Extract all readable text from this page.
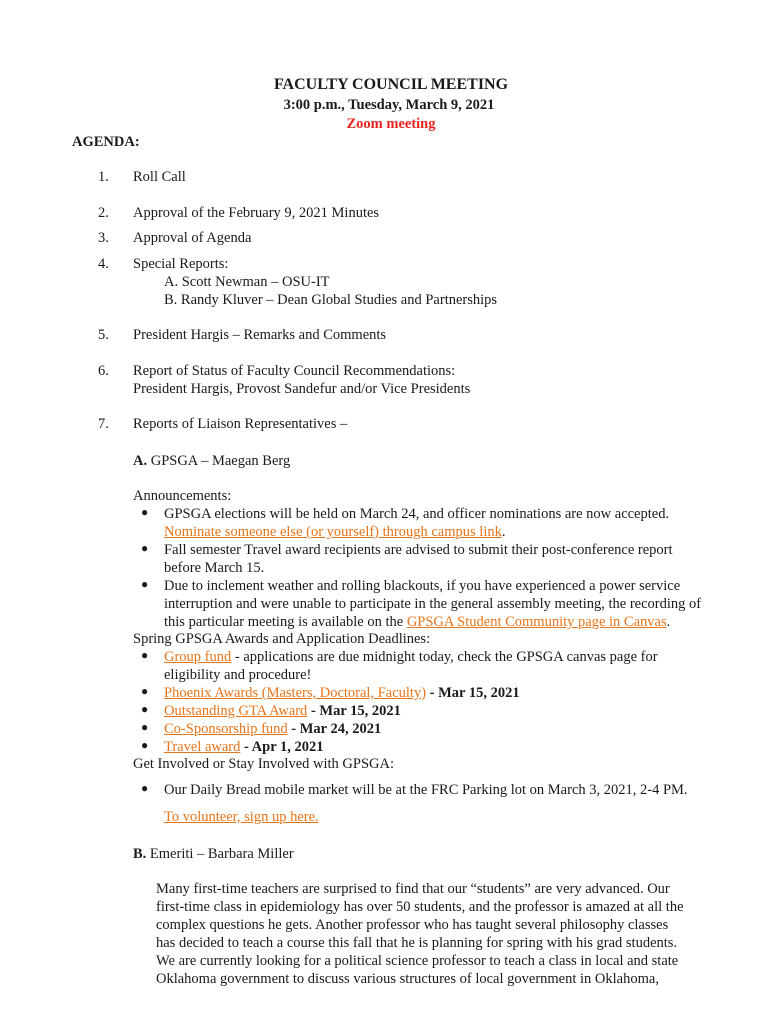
FACULTY COUNCIL MEETING
3:00 p.m., Tuesday, March 9, 2021
Zoom meeting
AGENDA:
1. Roll Call
2. Approval of the February 9, 2021 Minutes
3. Approval of Agenda
4. Special Reports:
A. Scott Newman – OSU-IT
B. Randy Kluver – Dean Global Studies and Partnerships
5. President Hargis – Remarks and Comments
6. Report of Status of Faculty Council Recommendations:
President Hargis, Provost Sandefur and/or Vice Presidents
7. Reports of Liaison Representatives –
A. GPSGA – Maegan Berg
Announcements:
● GPSGA elections will be held on March 24, and officer nominations are now accepted.
Nominate someone else (or yourself) through campus link.
● Fall semester Travel award recipients are advised to submit their post-conference report
before March 15.
● Due to inclement weather and rolling blackouts, if you have experienced a power service
interruption and were unable to participate in the general assembly meeting, the recording of
this particular meeting is available on the GPSGA Student Community page in Canvas.
Spring GPSGA Awards and Application Deadlines:
● Group fund - applications are due midnight today, check the GPSGA canvas page for
eligibility and procedure!
● Phoenix Awards (Masters, Doctoral, Faculty) - Mar 15, 2021
● Outstanding GTA Award - Mar 15, 2021
● Co-Sponsorship fund - Mar 24, 2021
● Travel award - Apr 1, 2021
Get Involved or Stay Involved with GPSGA:
● Our Daily Bread mobile market will be at the FRC Parking lot on March 3, 2021, 2-4 PM.
To volunteer, sign up here.
B. Emeriti – Barbara Miller
Many first-time teachers are surprised to find that our “students” are very advanced. Our
first-time class in epidemiology has over 50 students, and the professor is amazed at all the
complex questions he gets. Another professor who has taught several philosophy classes
has decided to teach a course this fall that he is planning for spring with his grad students.
We are currently looking for a political science professor to teach a class in local and state
Oklahoma government to discuss various structures of local government in Oklahoma,
